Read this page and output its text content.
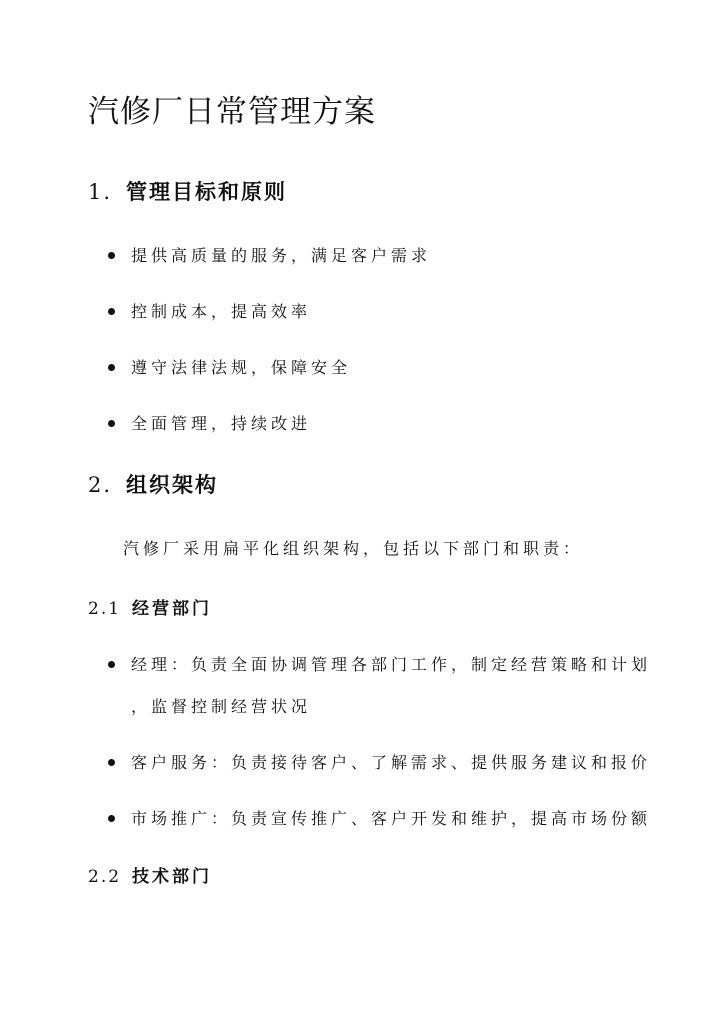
汽修厂日常管理方案
1. 管理目标和原则

提供高质量的服务，满足客户需求

控制成本，提高效率

遵守法律法规，保障安全

全面管理，持续改进

2. 组织架构

汽修厂采用扁平化组织架构，包括以下部门和职责：

2.1 经营部门

经理：负责全面协调管理各部门工作，制定经营策略和计划

，监督控制经营状况

客户服务：负责接待客户、了解需求、提供服务建议和报价

市场推广：负责宣传推广、客户开发和维护，提高市场份额

2.2 技术部门
